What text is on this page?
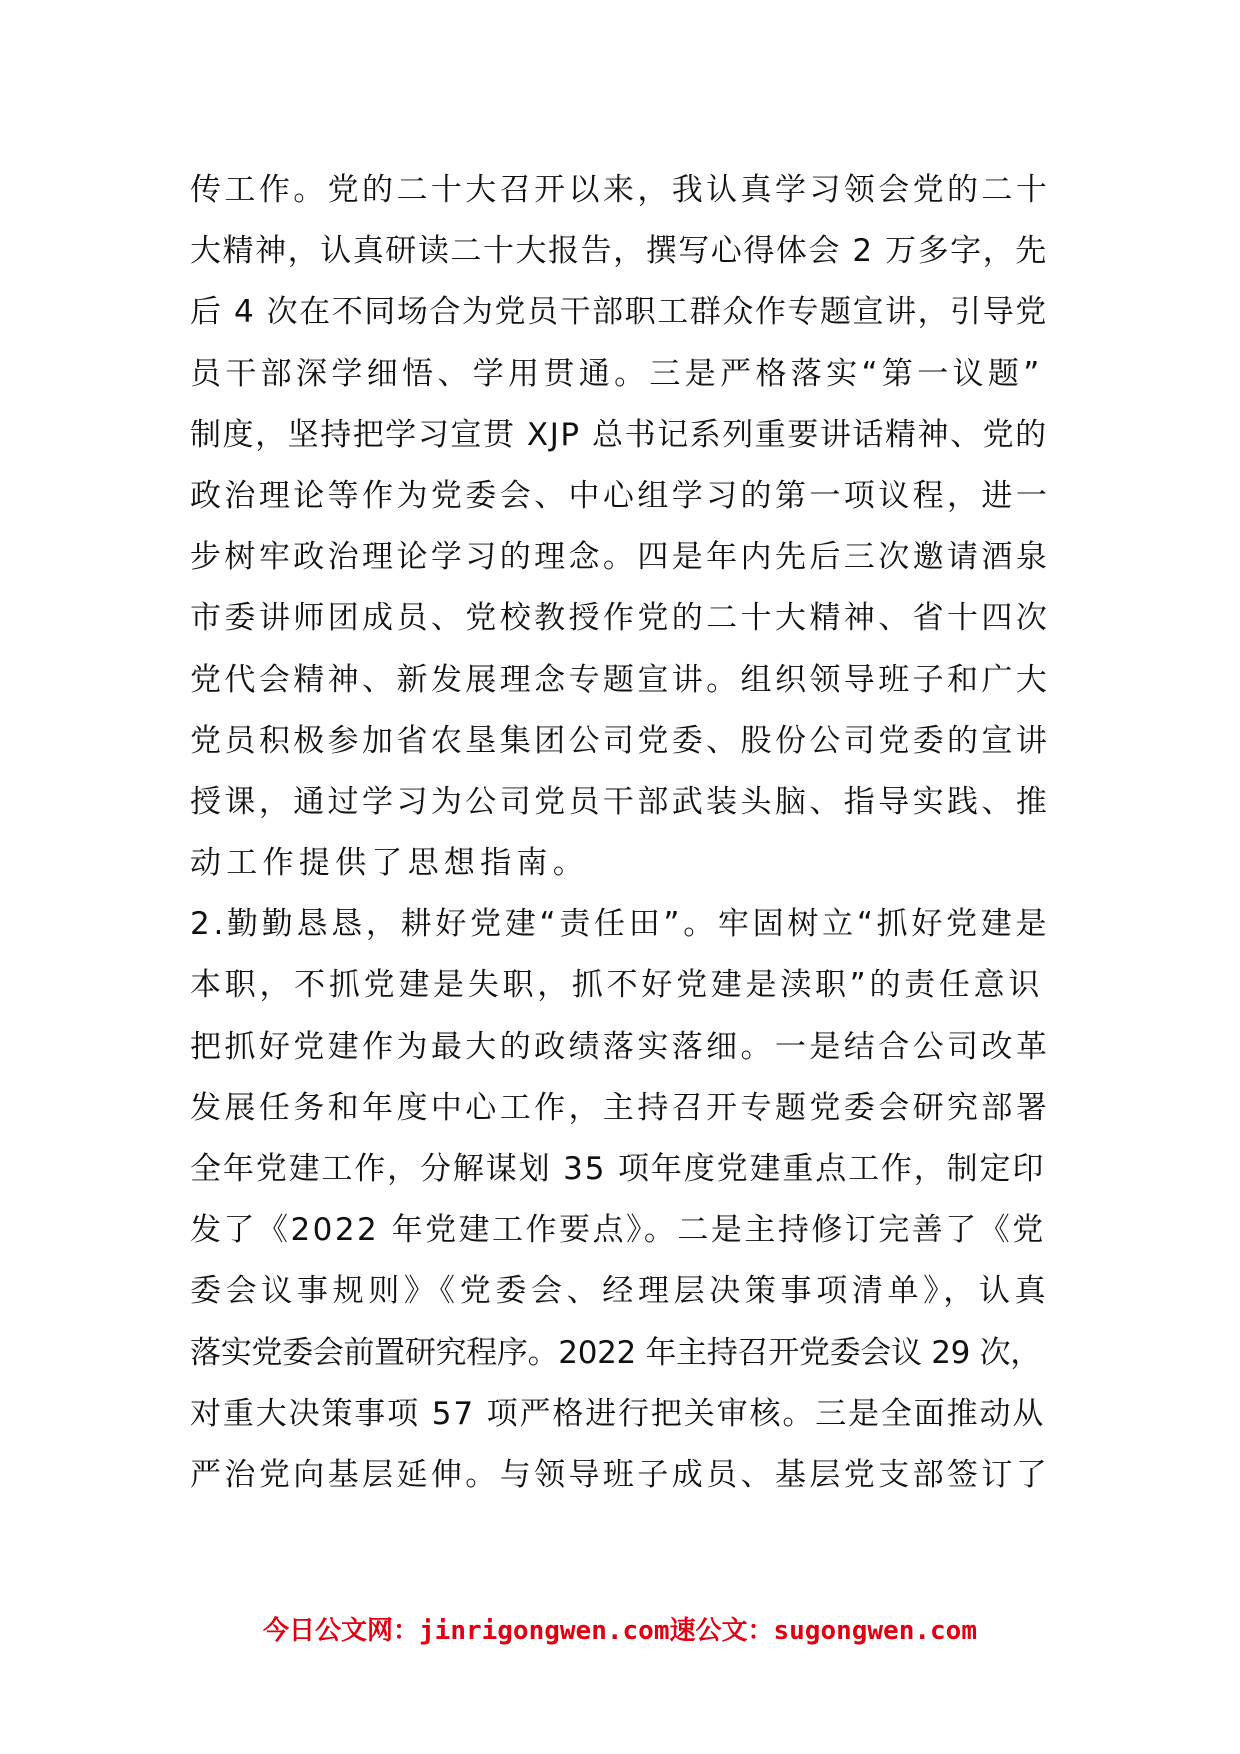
传工作。党的二十大召开以来，我认真学习领会党的二十
大精神，认真研读二十大报告，撰写心得体会 2 万多字，先
后 4 次在不同场合为党员干部职工群众作专题宣讲，引导党
员干部深学细悟、学用贯通。三是严格落实“第一议题”
制度，坚持把学习宣贯 XJP 总书记系列重要讲话精神、党的
政治理论等作为党委会、中心组学习的第一项议程，进一
步树牢政治理论学习的理念。四是年内先后三次邀请酒泉
市委讲师团成员、党校教授作党的二十大精神、省十四次
党代会精神、新发展理念专题宣讲。组织领导班子和广大
党员积极参加省农垦集团公司党委、股份公司党委的宣讲
授课，通过学习为公司党员干部武装头脑、指导实践、推
动工作提供了思想指南。
2.勤勤恳恳，耕好党建“责任田”。牢固树立“抓好党建是
本职，不抓党建是失职，抓不好党建是渎职”的责任意识
把抓好党建作为最大的政绩落实落细。一是结合公司改革
发展任务和年度中心工作，主持召开专题党委会研究部署
全年党建工作，分解谋划 35 项年度党建重点工作，制定印
发了《2022 年党建工作要点》。二是主持修订完善了《党
委会议事规则》《党委会、经理层决策事项清单》，认真
落实党委会前置研究程序。2022 年主持召开党委会议 29 次，
对重大决策事项 57 项严格进行把关审核。三是全面推动从
严治党向基层延伸。与领导班子成员、基层党支部签订了
今日公文网：jinrigongwen.com速公文：sugongwen.com
